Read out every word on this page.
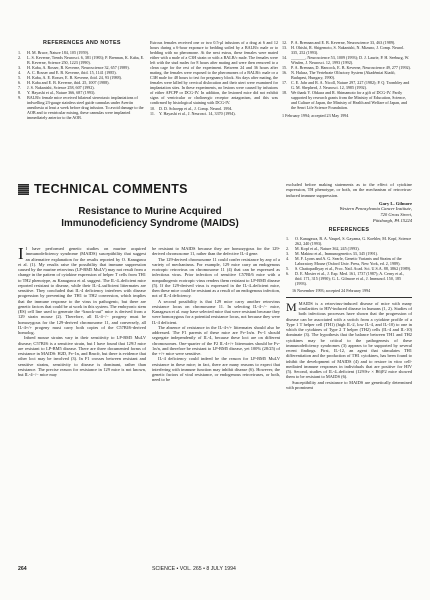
REFERENCES AND NOTES
1. H. M. Bruce, Nature 184, 105 (1959).
2. L. S. Keverne, Trends Neurosci. 6, 381 (1983); P. Brennan, K. Kaba, E. B. Keverne, Science 250, 1223 (1990).
3. H. Kaba, A. Rosser, B. Keverne, Neuroscience 32, 657 (1989).
4. A. C. Rosser and E. B. Keverne, ibid. 15, 1141 (1985).
5. H. Kaba, A. E. Rosser, E. B. Keverne, ibid. 24, 93 (1988).
6. H. Kaba and E. B. Keverne, ibid. 25, 1007 (1988).
7. J. S. Nakanishi, Science 258, 607 (1992).
8. Y. Hayashi et al., Nature 366, 687 (1993).
9. BALB/c female mice received bilateral stereotaxic implantations of indwelling 23-gauge stainless steel guide cannulas under Avertin anesthesia at least a week before drug infusion. To avoid damage to the AOB and to ventricular mixing, these cannulas were implanted immediately anterior to the AOB.

Estrous females received one or two 0.5-μl infusions of a drug at 6 and 12 hours during a 6-hour exposure to bedding soiled by a BALB/c male or to bedding with no pheromone. At the next estrus, these females were mated either with a male of a C3H strain or with a BALB/c male. The females were left with the stud males for 8 hours after mating and were then removed to a clean cage for the rest of the experiment. Between 24 and 36 hours after mating, the females were exposed to the pheromones of a BALB/c male or a C3H male for 48 hours to test for pregnancy block. Six days after mating, the females were killed by cervical dislocation and their uteri were examined for implantation sites. In these experiments, no lesions were caused by infusions of either APCPP or DCG-IV. In addition, the lesioned mice did not exhibit signs of ventricular or cholinergic receptor antagonism, and this was confirmed by histological staining with DCG-IV.

10. D. D. Schoepp et al., J. Comp. Neurol. 1994.
11. Y. Hayashi et al., J. Neurosci. 14, 3370 (1994).
12. P. A. Brennan and E. B. Keverne, Neuroscience 33, 463 (1989).
13. H. Ohishi, R. Shigemoto, S. Nakanishi, N. Mizuno, J. Comp. Neurol. 335, 252 (1993).
14. _______, Neuroscience 53, 1009 (1993); D. J. Laurie, P. H. Seeburg, W. Wisden, J. Neurosci. 12, 1993 (1992).
15. P. A. Brennan, D. Hancock, E. B. Keverne, Neuroscience 49, 277 (1992).
16. N. Halasz, The Vertebrate Olfactory System (Akadémiai Kiadó, Budapest, Hungary, 1990).
17. C. E. Jahr and R. A. Nicoll, Nature 297, 227 (1982); P. Q. Trombley and G. M. Shepherd, J. Neurosci. 12, 3985 (1992).
18. We thank Y. Ohkura and R. Shimamoto for a gift of DCG-IV. Partly supported by research grants from the Ministry of Education, Science, and Culture of Japan, the Ministry of Health and Welfare of Japan, and the Senri Life Science Foundation.
1 February 1994; accepted 23 May 1994
TECHNICAL COMMENTS
Resistance to Murine Acquired Immunodeficiency Syndrome (MAIDS)

I I have performed genetic studies on murine acquired immunodeficiency syndrome (MAIDS) susceptibility that suggest an alternative explanation for the results reported by O. Kanagawa et al. (1). My results raise the possibility that immune suppression caused by the murine retrovirus (LP-BM5 MuLV) may not result from a change in the pattern of cytokine expression of helper T cells from TH1 to TH2 phenotype, as Kanagawa et al. suggest. The IL-4–deficient mice reported resistant to disease, while their IL-4–sufficient littermates are sensitive. They concluded that IL-4 deficiency interferes with disease progression by preventing the TH1 to TH2 conversion, which implies that the immune response to the virus in pathogenic, but there are genetic factors that could be at work in this system. The embryonic stem (ES) cell line used to generate the “knock-out” mice is derived from a 129 strain mouse (2). Therefore, all IL-4−/− progeny must be homozygous for the 129-derived chromosome 11, and conversely, all IL-4+/+ progeny must carry both copies of the C57Bl/6-derived homolog.

Inbred mouse strains vary in their sensitivity to LP-BM5 MuLV disease; C57Bl/6 is a sensitive strain, but I have found that 129/J mice are resistant to LP-BM5 disease. There are three documented forms of resistance in MAIDS: H2D, Fv-1n, and Rmcfr, but there is evidence that other loci may be involved (3). In F1 crosses between resistant and sensitive strains, sensitivity to disease is dominant, rather than resistance. The precise reason for resistance in 129 mice is not known, but IL-4−/− mice may

be resistant to MAIDS because they are homozygous for the 129-derived chromosome 11, rather than the defective IL-4 gene.

The 129-derived chromosome 11 could confer resistance by any of a variety of mechanisms. For example, 129 mice carry an endogenous ecotropic retrovirus on chromosome 11 (4) that can be expressed as infectious virus. Prior infection of sensitive C57Bl/6 mice with a nonpathogenic ecotropic virus renders them resistant to LP-BM5 disease (5). If the 129-derived virus is expressed in the IL-4–deficient mice, then these mice could be resistant as a result of an endogenous infection, not of IL-4 deficiency.

A second possibility is that 129 mice carry another retrovirus resistance locus on chromosome 11. In selecting IL-4−/− mice, Kanagawa et al. may have selected mice that were resistant because they were homozygous for a potential resistance locus, not because they were IL-4 deficient.

The absence of resistance in the IL-4+/+ littermates should also be addressed. The F1 parents of these mice are Fv-1n/n. Fv-1 should segregate independently of IL-4, because these loci are on different chromosomes. One-quarter of the F2 IL-4+/+ littermates should be Fv-1n/n, and therefore be resistant to LP-BM5 disease, yet 100% (28/25) of the +/+ mice were sensitive.

IL-4 deficiency could indeed be the reason for LP-BM5 MuLV resistance in these mice; in fact, there are many reasons to expect that interfering with immune function may inhibit disease (6). However, the genetic factors of viral resistance, or endogenous retroviruses, or both, need to be

excluded before making statements as to the effect of cytokine expression, TH phenotype, or both, on the mechanism of retrovirus-induced immune suppression.

Gary L. Gilmore
Western Pennsylvania Cancer Institute,
720 Gross Street,
Pittsburgh, PA 15224
REFERENCES
1. O. Kanagawa, B. A. Vaupel, S. Gayama, G. Koehler, M. Kopf, Science 262, 240 (1993).
2. M. Kopf et al., Nature 362, 245 (1993).
3. M. Makino et al., Immunogenetics 33, 345 (1991).
4. M. F. Lyons and A. G. Searle, Genetic Variants and Strains of the Laboratory Mouse (Oxford Univ. Press, New York, ed. 2, 1989).
5. S. Chattopadhyay et al., Proc. Natl. Acad. Sci. U.S.A. 88, 3862 (1989).
6. D. E. Mosier et al., J. Exp. Med. 161, 1737 (1987); A. Cerny et al., ibid. 171, 315 (1990); G. L. Gilmore et al., J. Immunol. 150, 185 (1993).
16 November 1993; accepted 24 February 1994

MMAIDS is a retrovirus-induced disease of mice with many similarities to HIV-induced disease in humans (1, 2). Studies of both infectious processes have shown that the progression of disease can be associated with a switch from a cytokine profile of a Type 1 T helper cell (TH1) (high IL-2, low IL-4, and IL-10) to one in which the cytokines of Type 2 T helper (TH2) cells (IL-4 and IL-10) dominate (3). The hypothesis that the balance between TH1 and TH2 cytokines may be critical to the pathogenesis of these immunodeficiency syndromes (3) appears to be supported by several recent findings. First, IL-12, an agent that stimulates TH1 differentiation and the production of TH1 cytokines, has been found to inhibit the development of MAIDS (4) and to restore in vitro cell-mediated immune responses in individuals that are positive for HIV (5). Second, studies of IL-4–deficient (129/Sv × B6)F2 mice showed them to be resistant to MAIDS (6).

Susceptibility and resistance to MAIDS are genetically determined with prominent

264	SCIENCE • VOL. 265 • 8 JULY 1994
